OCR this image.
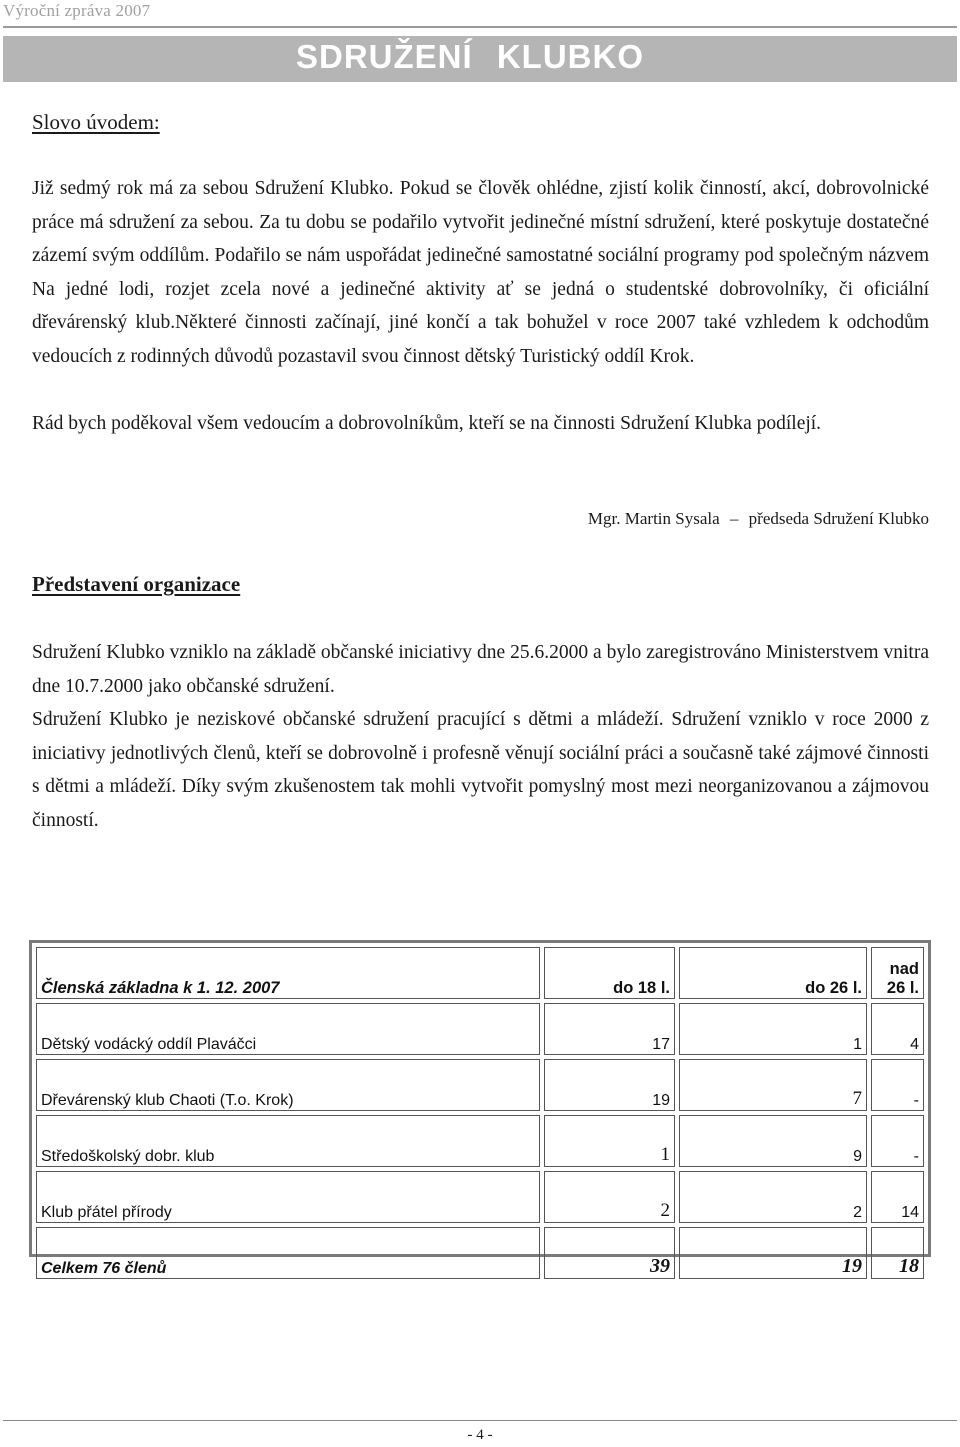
Výroční zpráva 2007
SDRUŽENÍ KLUBKO
Slovo úvodem:

Již sedmý rok má za sebou Sdružení Klubko. Pokud se člověk ohlédne, zjistí kolik činností, akcí, dobrovolnické práce má sdružení za sebou. Za tu dobu se podařilo vytvořit jedinečné místní sdružení, které poskytuje dostatečné zázemí svým oddílům. Podařilo se nám uspořádat jedinečné samostatné sociální programy pod společným názvem Na jedné lodi, rozjet zcela nové a jedinečné aktivity ať se jedná o studentské dobrovolníky, či oficiální dřevárenský klub.Některé činnosti začínají, jiné končí a tak bohužel v roce 2007 také vzhledem k odchodům vedoucích z rodinných důvodů pozastavil svou činnost dětský Turistický oddíl Krok.

Rád bych poděkoval všem vedoucím a dobrovolníkům, kteří se na činnosti Sdružení Klubka podílejí.

Mgr. Martin Sysala – předseda Sdružení Klubko
Představení organizace

Sdružení Klubko vzniklo na základě občanské iniciativy dne 25.6.2000 a bylo zaregistrováno Ministerstvem vnitra dne 10.7.2000 jako občanské sdružení.

Sdružení Klubko je neziskové občanské sdružení pracující s dětmi a mládeží. Sdružení vzniklo v roce 2000 z iniciativy jednotlivých členů, kteří se dobrovolně i profesně věnují sociální práci a současně také zájmové činnosti s dětmi a mládeží. Díky svým zkušenostem tak mohli vytvořit pomyslný most mezi neorganizovanou a zájmovou činností.

Členská základna k 1. 12. 2007	do 18 l.	do 26 l.	nad 26 l.
Dětský vodácký oddíl Plaváčci	17	1	4
Dřevárenský klub Chaoti (T.o. Krok)	19	7	-
Středoškolský dobr. klub	1	9	-
Klub přátel přírody	2	2	14
Celkem 76 členů	39	19	18
- 4 -
